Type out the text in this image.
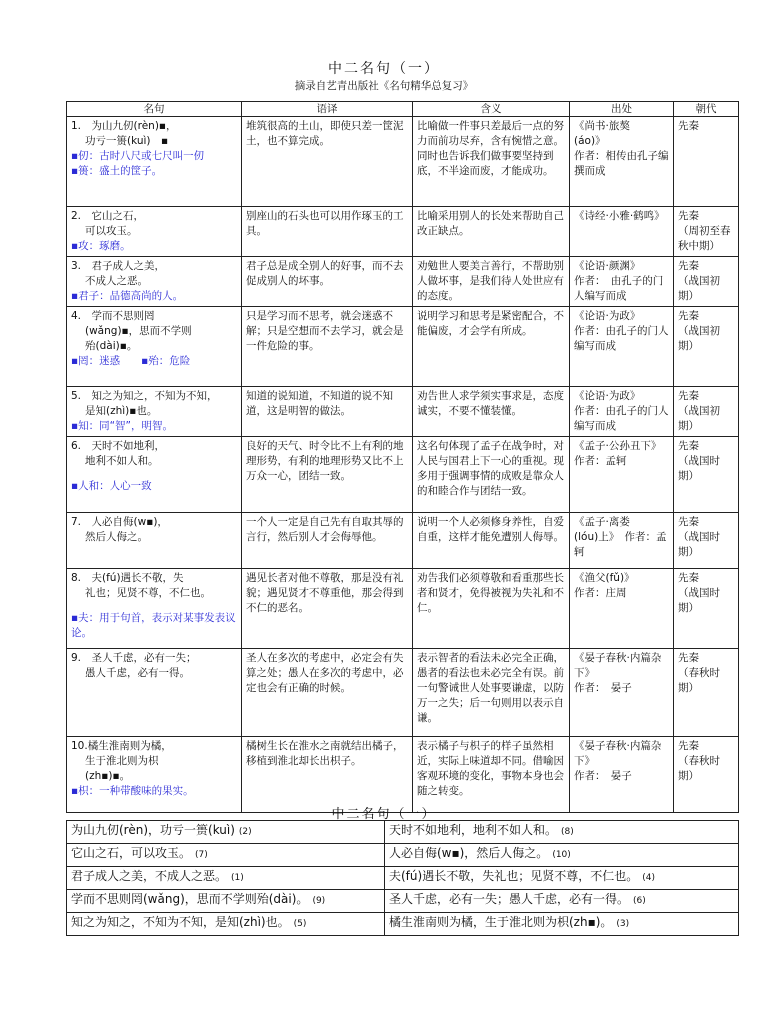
中二名句（一）
摘录自艺青出版社《名句精华总复习》
名句	语译	含义	出处	朝代

1.　为山九仞(rèn)▪，
功亏一篑(kuì)　▪
▪仞：古时八尺或七尺叫一仞
▪篑：盛土的筐子。	堆筑很高的土山，即使只差一筐泥土，也不算完成。	比喻做一件事只差最后一点的努力而前功尽弃，含有惋惜之意。同时也告诉我们做事要坚持到底，不半途而废，才能成功。	《尚书·旅獒　　(áo)》
作者：相传由孔子编撰而成	先秦

2.　它山之石，
可以攻玉。
▪攻：琢磨。	别座山的石头也可以用作琢玉的工具。	比喻采用别人的长处来帮助自己改正缺点。	《诗经·小雅·鹤鸣》	先秦
（周初至春秋中期）

3.　君子成人之美，
不成人之恶。
▪君子：品德高尚的人。	君子总是成全别人的好事，而不去促成别人的坏事。	劝勉世人要美言善行，不帮助别人做坏事，是我们待人处世应有的态度。	《论语·颜渊》
作者：　由孔子的门人编写而成	先秦
（战国初期）

4.　学而不思则罔
(wǎng)▪，思而不学则
殆(dài)▪。
▪罔：迷惑　　▪殆：危险	只是学习而不思考，就会迷惑不解；只是空想而不去学习，就会是一件危险的事。	说明学习和思考是紧密配合，不能偏废，才会学有所成。	《论语·为政》
作者：由孔子的门人编写而成	先秦
（战国初期）

5.　知之为知之，不知为不知，
是知(zhì)▪也。
▪知：同“智”，明智。	知道的说知道，不知道的说不知道，这是明智的做法。	劝告世人求学须实事求是，态度诚实，不要不懂装懂。	《论语·为政》
作者：由孔子的门人编写而成	先秦
（战国初期）

6.　天时不如地利，
地利不如人和。
▪人和：人心一致	良好的天气、时令比不上有利的地理形势，有利的地理形势又比不上万众一心，团结一致。	这名句体现了孟子在战争时，对人民与国君上下一心的重视。现多用于强调事情的成败是靠众人的和睦合作与团结一致。	《孟子·公孙丑下》
作者：孟轲	先秦
（战国时期）

7.　人必自侮(w▪)，
然后人侮之。	一个人一定是自己先有自取其辱的言行，然后别人才会侮辱他。	说明一个人必须修身养性，自爱自重，这样才能免遭别人侮辱。	《孟子·离娄　　(lóu)上》　作者：孟轲	先秦
（战国时期）

8.　夫(fú)遇长不敬，失
礼也；见贤不尊，不仁也。
▪夫：用于句首，表示对某事发表议论。	遇见长者对他不尊敬，那是没有礼貌；遇见贤才不尊重他，那会得到不仁的恶名。	劝告我们必须尊敬和看重那些长者和贤才，免得被视为失礼和不仁。	《渔父(fǔ)》
作者：庄周	先秦
（战国时期）

9.　圣人千虑，必有一失；
愚人千虑，必有一得。	圣人在多次的考虑中，必定会有失算之处；愚人在多次的考虑中，必定也会有正确的时候。	表示智者的看法未必完全正确，愚者的看法也未必完全有误。前一句警诫世人处事要谦虚，以防万一之失；后一句则用以表示自谦。	《晏子春秋·内篇杂下》
作者：　晏子	先秦
（春秋时期）

10.橘生淮南则为橘，
生于淮北则为枳
(zh▪)▪。
▪枳：一种带酸味的果实。	橘树生长在淮水之南就结出橘子，移植到淮北却长出枳子。	表示橘子与枳子的样子虽然相近，实际上味道却不同。借喻因客观环境的变化，事物本身也会随之转变。	《晏子春秋·内篇杂下》
作者：　晏子	先秦
（春秋时期）
中二名句（一）
为山九仞(rèn)，功亏一篑(kuì) (2)	天时不如地利，地利不如人和。 (8)
它山之石，可以攻玉。 (7)	人必自侮(w▪)，然后人侮之。 (10)
君子成人之美，不成人之恶。 (1)	夫(fú)遇长不敬，失礼也；见贤不尊，不仁也。 (4)
学而不思则罔(wǎng)，思而不学则殆(dài)。 (9)	圣人千虑，必有一失；愚人千虑，必有一得。 (6)
知之为知之，不知为不知，是知(zhì)也。 (5)	橘生淮南则为橘，生于淮北则为枳(zh▪)。 (3)
